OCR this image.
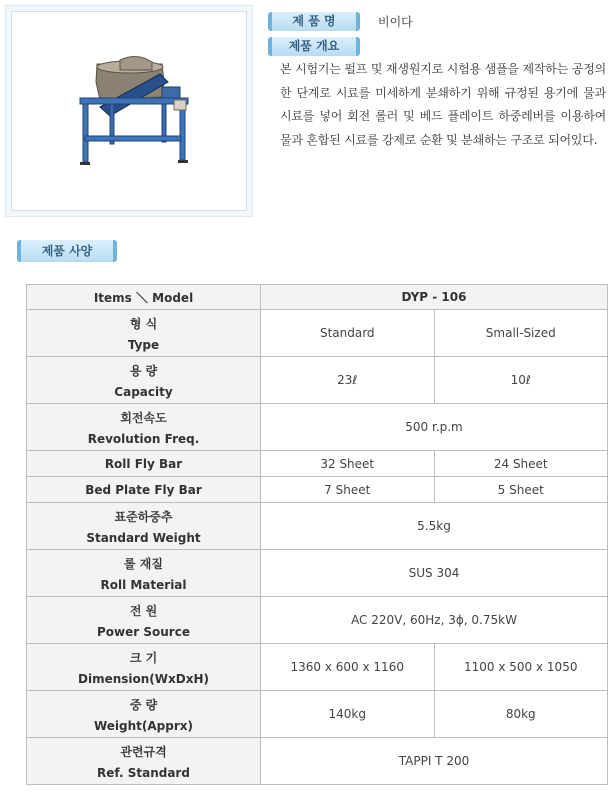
제 품 명	비이다
제품 개요
본 시험기는 펄프 및 재생원지로 시험용 샘플을 제작하는 공정의 한 단계로 시료를 미세하게 분쇄하기 위해 규정된 용기에 물과 시료를 넣어 회전 롤러 및 베드 플레이트 하중레버를 이용하여 물과 혼합된 시료를 강제로 순환 및 분쇄하는 구조로 되어있다.
제품 사양
Items ＼ Model	DYP - 106	

형 식
Type	Standard	Small-Sized

용 량
Capacity	23ℓ	10ℓ

회전속도
Revolution Freq.	500 r.p.m	
Roll Fly Bar	32 Sheet	24 Sheet
Bed Plate Fly Bar	7 Sheet	5 Sheet

표준하중추
Standard Weight	5.5kg	

롤 재질
Roll Material	SUS 304	

전 원
Power Source	AC 220V, 60Hz, 3ϕ, 0.75kW	

크 기
Dimension(WxDxH)	1360 x 600 x 1160	1100 x 500 x 1050

중 량
Weight(Apprx)	140kg	80kg

관련규격
Ref. Standard	TAPPI T 200	
